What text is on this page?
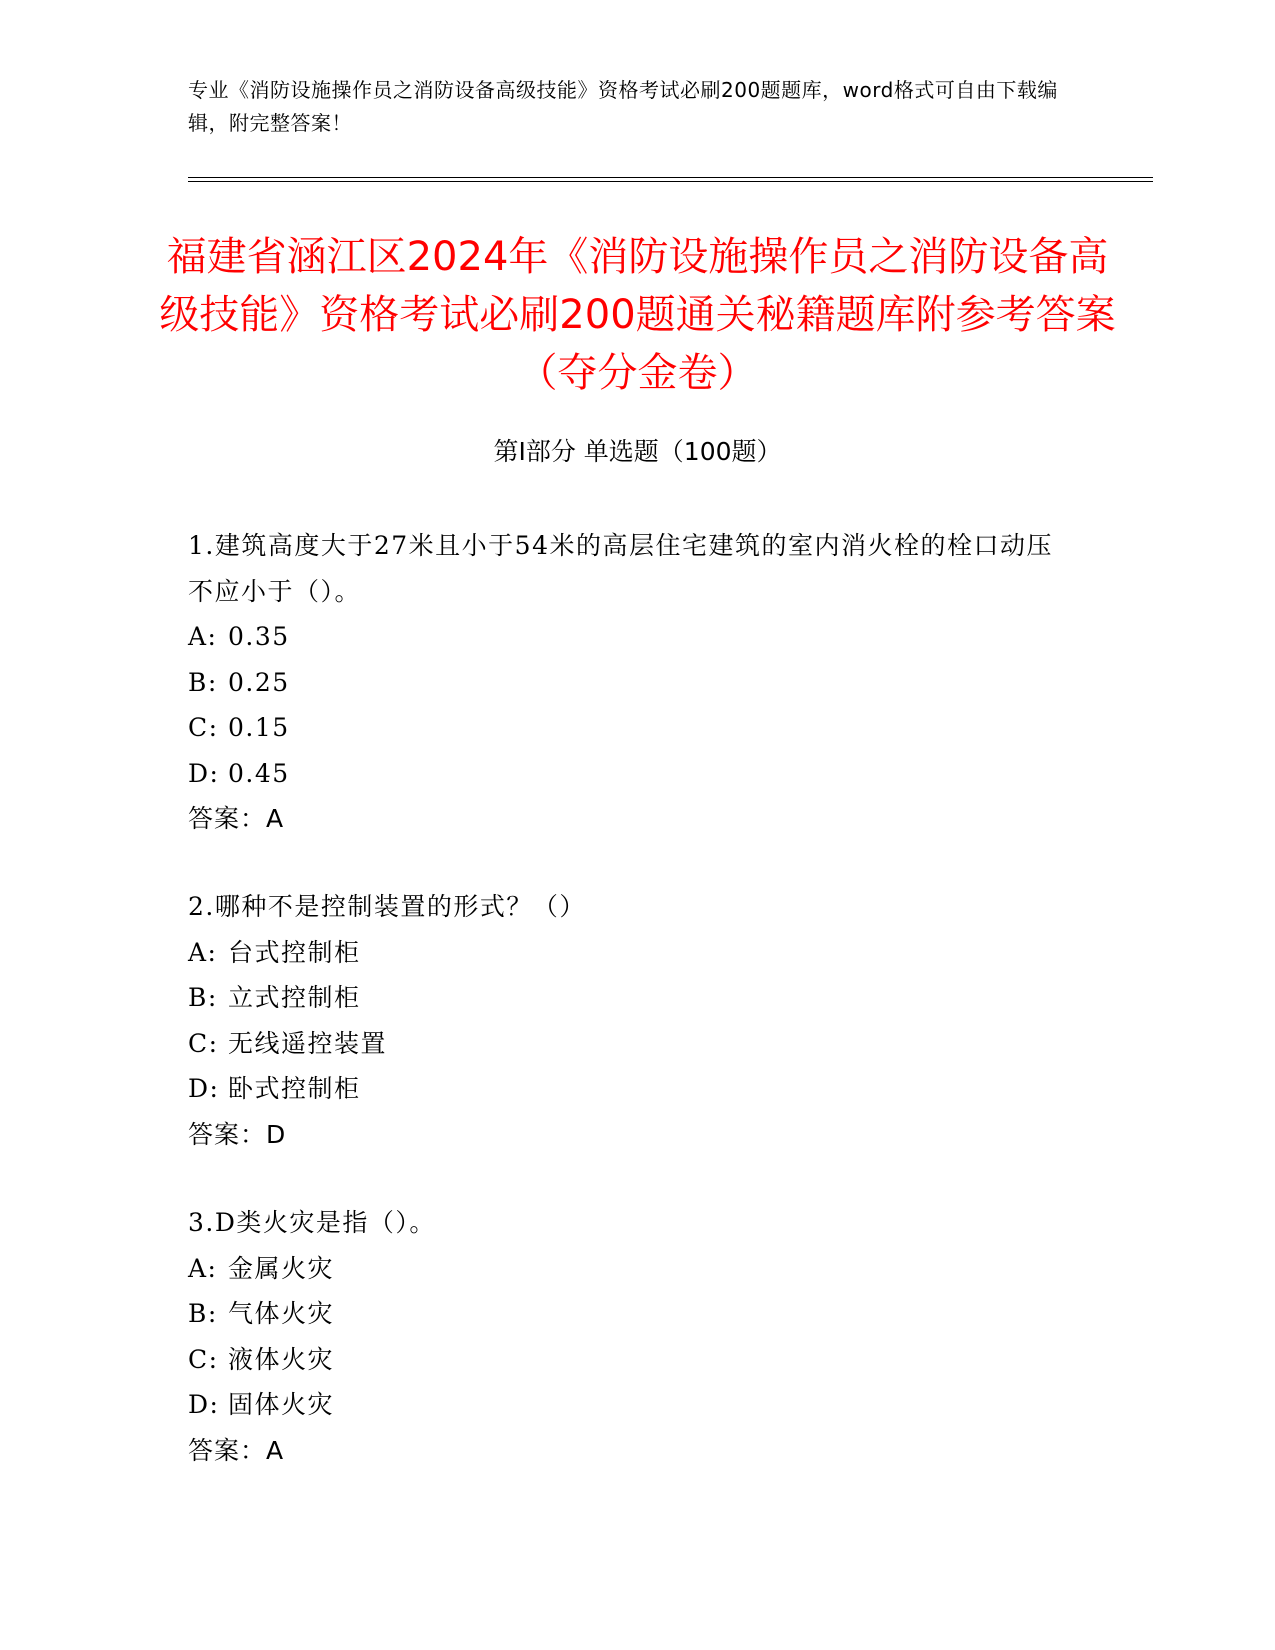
专业《消防设施操作员之消防设备高级技能》资格考试必刷200题题库，word格式可自由下载编辑，附完整答案！

福建省涵江区2024年《消防设施操作员之消防设备高级技能》资格考试必刷200题通关秘籍题库附参考答案（夺分金卷）
第I部分 单选题（100题）

1.建筑高度大于27米且小于54米的高层住宅建筑的室内消火栓的栓口动压不应小于（）。

A: 0.35

B: 0.25

C: 0.15

D: 0.45

答案：A

2.哪种不是控制装置的形式？（）

A: 台式控制柜

B: 立式控制柜

C: 无线遥控装置

D: 卧式控制柜

答案：D

3.D类火灾是指（）。

A: 金属火灾

B: 气体火灾

C: 液体火灾

D: 固体火灾

答案：A
